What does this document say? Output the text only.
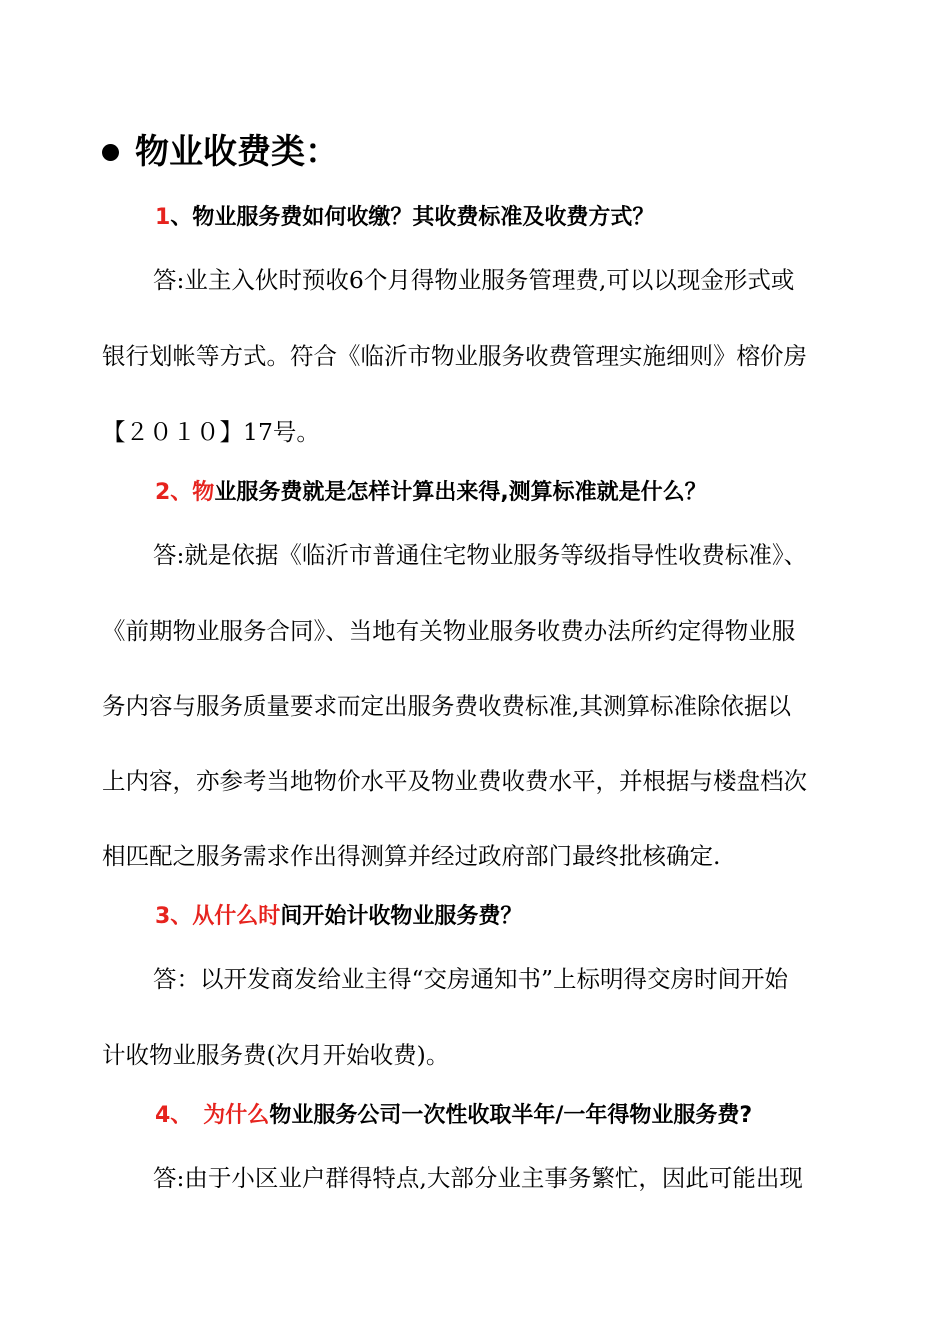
物业收费类：
1、物业服务费如何收缴？其收费标准及收费方式？
答:业主入伙时预收6个月得物业服务管理费,可以以现金形式或
银行划帐等方式。符合《临沂市物业服务收费管理实施细则》榕价房
【２０１０】17号。
2、物业服务费就是怎样计算出来得,测算标准就是什么？
答:就是依据《临沂市普通住宅物业服务等级指导性收费标准》、
《前期物业服务合同》、当地有关物业服务收费办法所约定得物业服
务内容与服务质量要求而定出服务费收费标准,其测算标准除依据以
上内容，亦参考当地物价水平及物业费收费水平，并根据与楼盘档次
相匹配之服务需求作出得测算并经过政府部门最终批核确定.
3、从什么时间开始计收物业服务费？
答：以开发商发给业主得“交房通知书”上标明得交房时间开始
计收物业服务费(次月开始收费)。
4、　为什么物业服务公司一次性收取半年/一年得物业服务费?
答:由于小区业户群得特点,大部分业主事务繁忙，因此可能出现
